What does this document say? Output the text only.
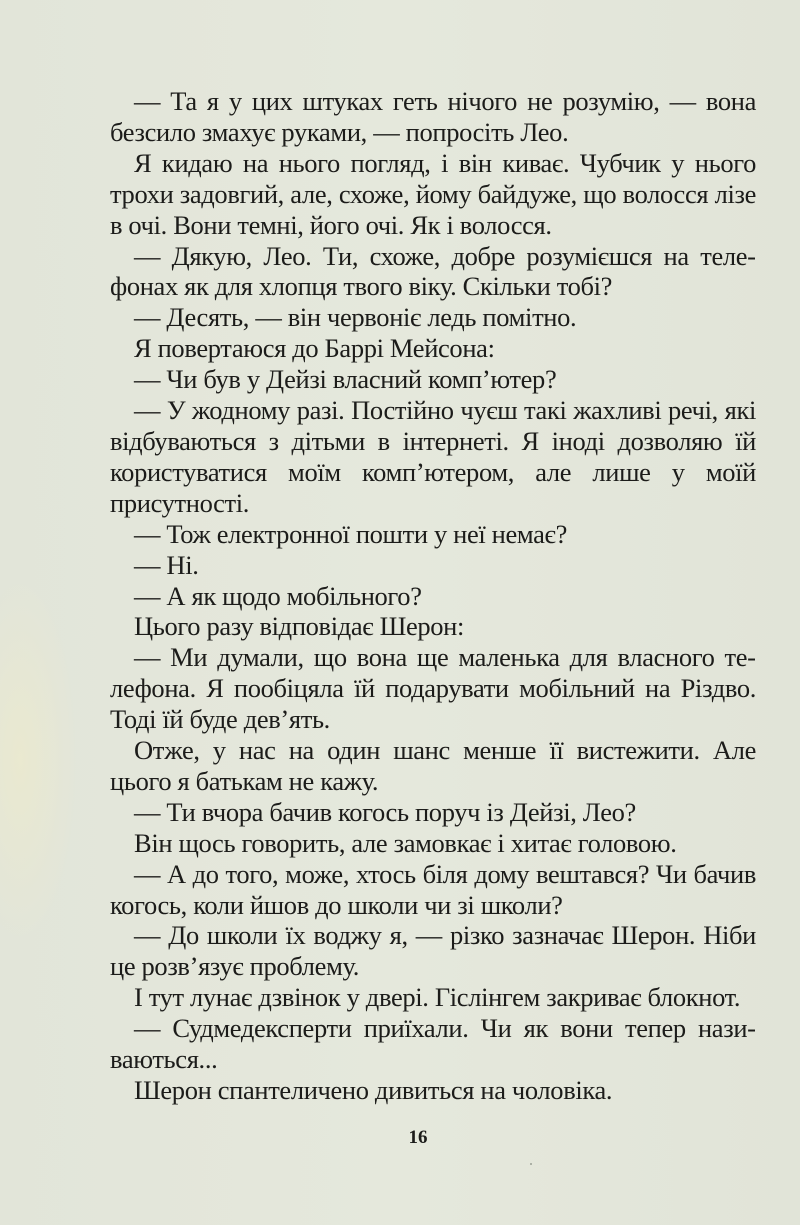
— Та я у цих штуках геть нічого не розумію, — вона безсило змахує руками, — попросіть Лео.

Я кидаю на нього погляд, і він киває. Чубчик у нього трохи задовгий, але, схоже, йому байдуже, що волосся лізе в очі. Вони темні, його очі. Як і волосся.

— Дякую, Лео. Ти, схоже, добре розумієшся на телефонах як для хлопця твого віку. Скільки тобі?

— Десять, — він червоніє ледь помітно.

Я повертаюся до Баррі Мейсона:

— Чи був у Дейзі власний комп’ютер?

— У жодному разі. Постійно чуєш такі жахливі речі, які відбуваються з дітьми в інтернеті. Я іноді дозволяю їй користуватися моїм комп’ютером, але лише у моїй присутності.

— Тож електронної пошти у неї немає?

— Ні.

— А як щодо мобільного?

Цього разу відповідає Шерон:

— Ми думали, що вона ще маленька для власного телефона. Я пообіцяла їй подарувати мобільний на Різдво. Тоді їй буде дев’ять.

Отже, у нас на один шанс менше її вистежити. Але цього я батькам не кажу.

— Ти вчора бачив когось поруч із Дейзі, Лео?

Він щось говорить, але замовкає і хитає головою.

— А до того, може, хтось біля дому вештався? Чи бачив когось, коли йшов до школи чи зі школи?

— До школи їх воджу я, — різко зазначає Шерон. Ніби це розв’язує проблему.

І тут лунає дзвінок у двері. Гіслінгем закриває блокнот.

— Судмедексперти приїхали. Чи як вони тепер називаються...

Шерон спантеличено дивиться на чоловіка.

16
